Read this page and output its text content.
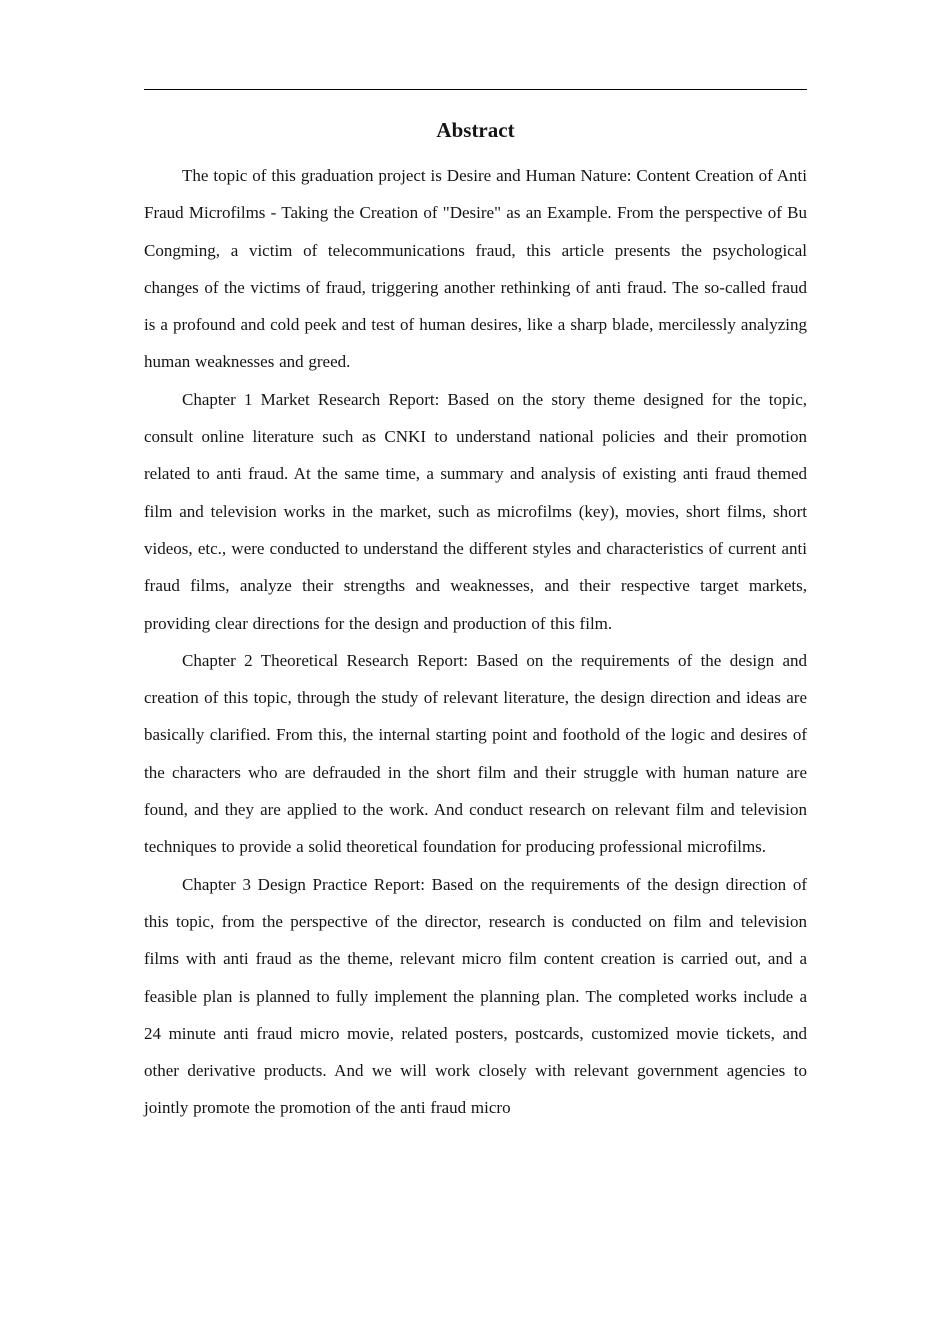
Abstract

The topic of this graduation project is Desire and Human Nature: Content Creation of Anti Fraud Microfilms - Taking the Creation of "Desire" as an Example. From the perspective of Bu Congming, a victim of telecommunications fraud, this article presents the psychological changes of the victims of fraud, triggering another rethinking of anti fraud. The so-called fraud is a profound and cold peek and test of human desires, like a sharp blade, mercilessly analyzing human weaknesses and greed.

Chapter 1 Market Research Report: Based on the story theme designed for the topic, consult online literature such as CNKI to understand national policies and their promotion related to anti fraud. At the same time, a summary and analysis of existing anti fraud themed film and television works in the market, such as microfilms (key), movies, short films, short videos, etc., were conducted to understand the different styles and characteristics of current anti fraud films, analyze their strengths and weaknesses, and their respective target markets, providing clear directions for the design and production of this film.

Chapter 2 Theoretical Research Report: Based on the requirements of the design and creation of this topic, through the study of relevant literature, the design direction and ideas are basically clarified. From this, the internal starting point and foothold of the logic and desires of the characters who are defrauded in the short film and their struggle with human nature are found, and they are applied to the work. And conduct research on relevant film and television techniques to provide a solid theoretical foundation for producing professional microfilms.

Chapter 3 Design Practice Report: Based on the requirements of the design direction of this topic, from the perspective of the director, research is conducted on film and television films with anti fraud as the theme, relevant micro film content creation is carried out, and a feasible plan is planned to fully implement the planning plan. The completed works include a 24 minute anti fraud micro movie, related posters, postcards, customized movie tickets, and other derivative products. And we will work closely with relevant government agencies to jointly promote the promotion of the anti fraud micro
